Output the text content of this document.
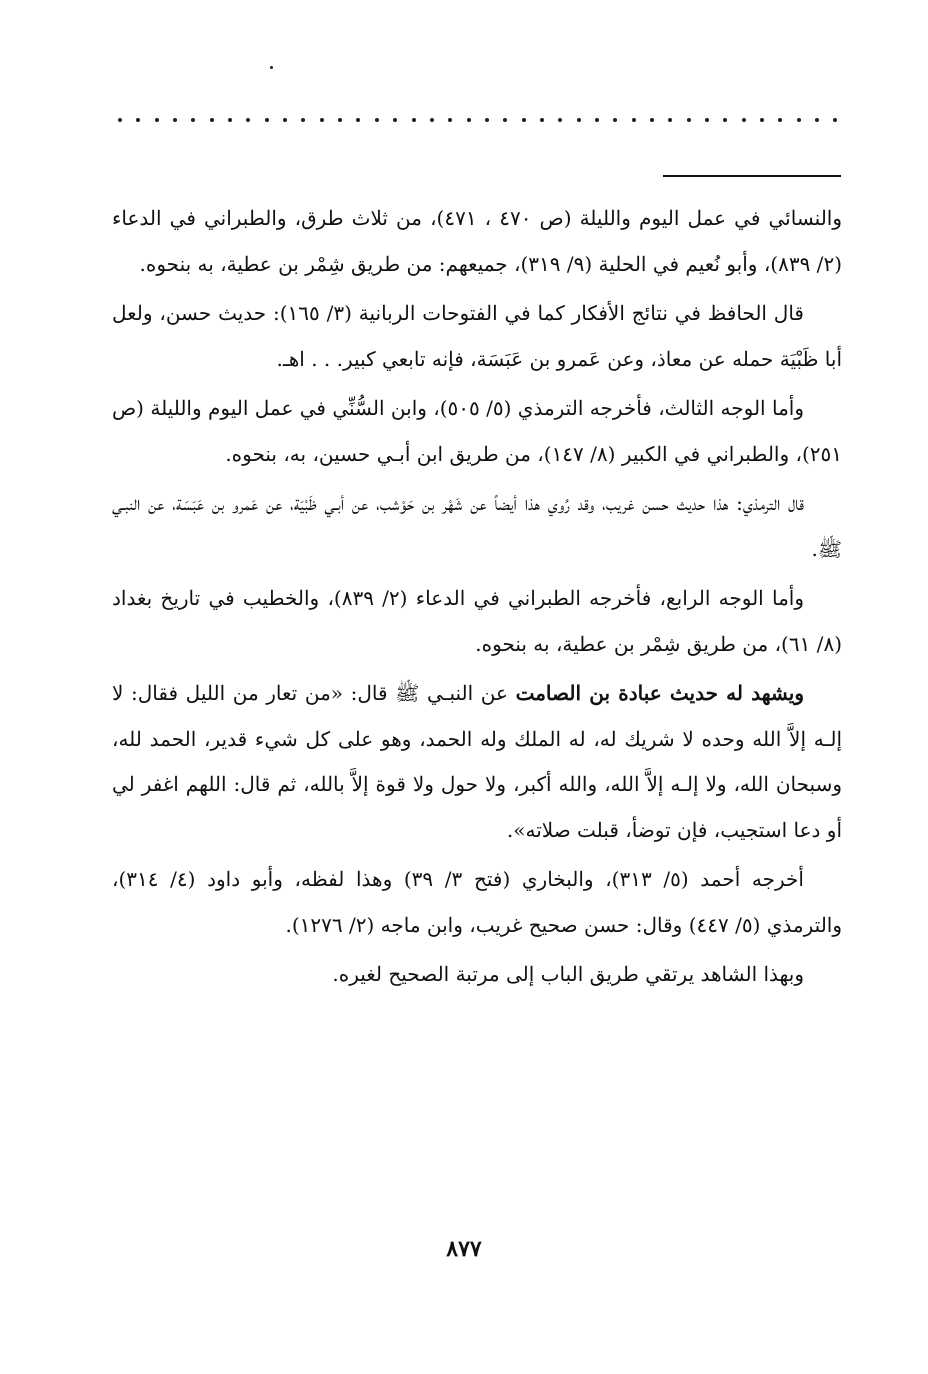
والنسائي في عمل اليوم والليلة (ص ٤٧٠ ، ٤٧١)، من ثلاث طرق، والطبراني في الدعاء (٢/ ٨٣٩)، وأبو نُعيم في الحلية (٩/ ٣١٩)، جميعهم: من طريق شِمْر بن عطية، به بنحوه.

قال الحافظ في نتائج الأفكار كما في الفتوحات الربانية (٣/ ١٦٥): حديث حسن، ولعل أبا ظَبْيَة حمله عن معاذ، وعن عَمرو بن عَبَسَة، فإنه تابعي كبير. . . اهـ.

وأما الوجه الثالث، فأخرجه الترمذي (٥/ ٥٠٥)، وابن السُّنِّي في عمل اليوم والليلة (ص ٢٥١)، والطبراني في الكبير (٨/ ١٤٧)، من طريق ابن أبـي حسين، به، بنحوه.

قال الترمذي: هذا حديث حسن غريب، وقد رُوي هذا أيضاً عن شَهْر بن حَوْشب، عن أبـي ظَبْيَة، عن عَمرو بن عَبَسَة، عن النبـي ﷺ.

وأما الوجه الرابع، فأخرجه الطبراني في الدعاء (٢/ ٨٣٩)، والخطيب في تاريخ بغداد (٨/ ٦١)، من طريق شِمْر بن عطية، به بنحوه.

ويشهد له حديث عبادة بن الصامت عن النبـي ﷺ قال: «من تعار من الليل فقال: لا إلـه إلاَّ الله وحده لا شريك له، له الملك وله الحمد، وهو على كل شيء قدير، الحمد لله، وسبحان الله، ولا إلـه إلاَّ الله، والله أكبر، ولا حول ولا قوة إلاَّ بالله، ثم قال: اللهم اغفر لي أو دعا استجيب، فإن توضأ، قبلت صلاته».

أخرجه أحمد (٥/ ٣١٣)، والبخاري (فتح ٣/ ٣٩) وهذا لفظه، وأبو داود (٤/ ٣١٤)، والترمذي (٥/ ٤٤٧) وقال: حسن صحيح غريب، وابن ماجه (٢/ ١٢٧٦).

وبهذا الشاهد يرتقي طريق الباب إلى مرتبة الصحيح لغيره.

٨٧٧
